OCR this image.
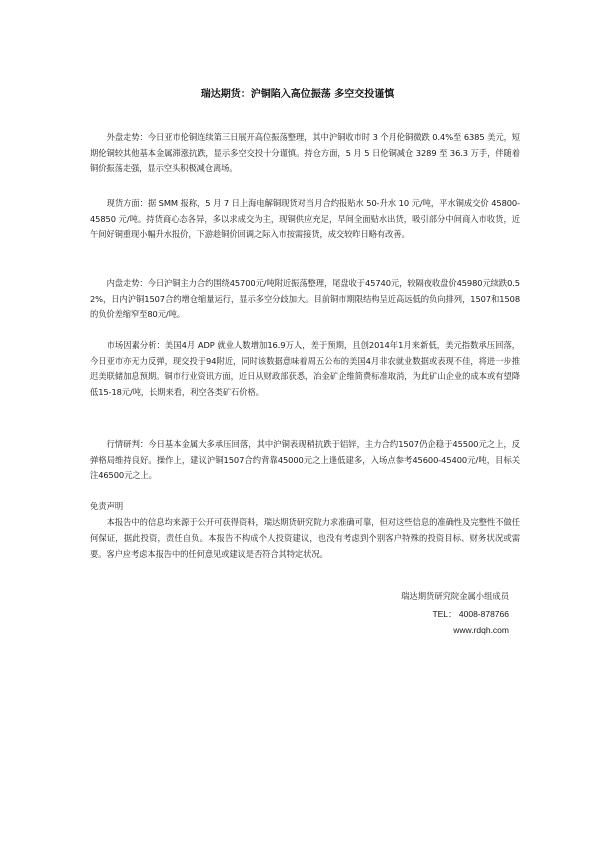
瑞达期货：沪铜陷入高位振荡 多空交投谨慎

外盘走势：今日亚市伦铜连续第三日展开高位振荡整理，其中沪铜收市时 3 个月伦铜微跌 0.4%至 6385 美元，短期伦铜较其他基本金属滞涨抗跌，显示多空交投十分谨慎。持仓方面，5 月 5 日伦铜减仓 3289 至 36.3 万手，伴随着铜价振荡走强，显示空头积极减仓离场。

现货方面：据 SMM 报称，5 月 7 日上海电解铜现货对当月合约报贴水 50-升水 10 元/吨，平水铜成交价 45800-45850 元/吨。持货商心态各异，多以求成交为主，现铜供应充足，早间全面贴水出货，吸引部分中间商入市收货，近午间好铜重现小幅升水报价，下游趁铜价回调之际入市按需接货，成交较昨日略有改善。

内盘走势：今日沪铜主力合约围绕45700元/吨附近振荡整理，尾盘收于45740元，较隔夜收盘价45980元续跌0.52%，日内沪铜1507合约增仓缩量运行，显示多空分歧加大。目前铜市期限结构呈近高远低的负向排列，1507和1508的负价差缩窄至80元/吨。

市场因素分析：美国4月 ADP 就业人数增加16.9万人，差于预期，且创2014年1月来新低，美元指数承压回落，今日亚市亦无力反弹，现交投于94附近，同时该数据意味着周五公布的美国4月非农就业数据或表现不佳，将进一步推迟美联储加息预期。铜市行业资讯方面，近日从财政部获悉，冶金矿企维简费标准取消，为此矿山企业的成本或有望降低15-18元/吨，长期来看，利空各类矿石价格。

行情研判：今日基本金属大多承压回落，其中沪铜表现稍抗跌于铝锌，主力合约1507仍企稳于45500元之上，反弹格局维持良好。操作上，建议沪铜1507合约背靠45000元之上逢低建多，入场点参考45600-45400元/吨，目标关注46500元之上。

免责声明

本报告中的信息均来源于公开可获得资料，瑞达期货研究院力求准确可靠，但对这些信息的准确性及完整性不做任何保证，据此投资，责任自负。本报告不构成个人投资建议，也没有考虑到个别客户特殊的投资目标、财务状况或需要。客户应考虑本报告中的任何意见或建议是否符合其特定状况。

瑞达期货研究院金属小组成员
TEL： 4008-878766
www.rdqh.com
